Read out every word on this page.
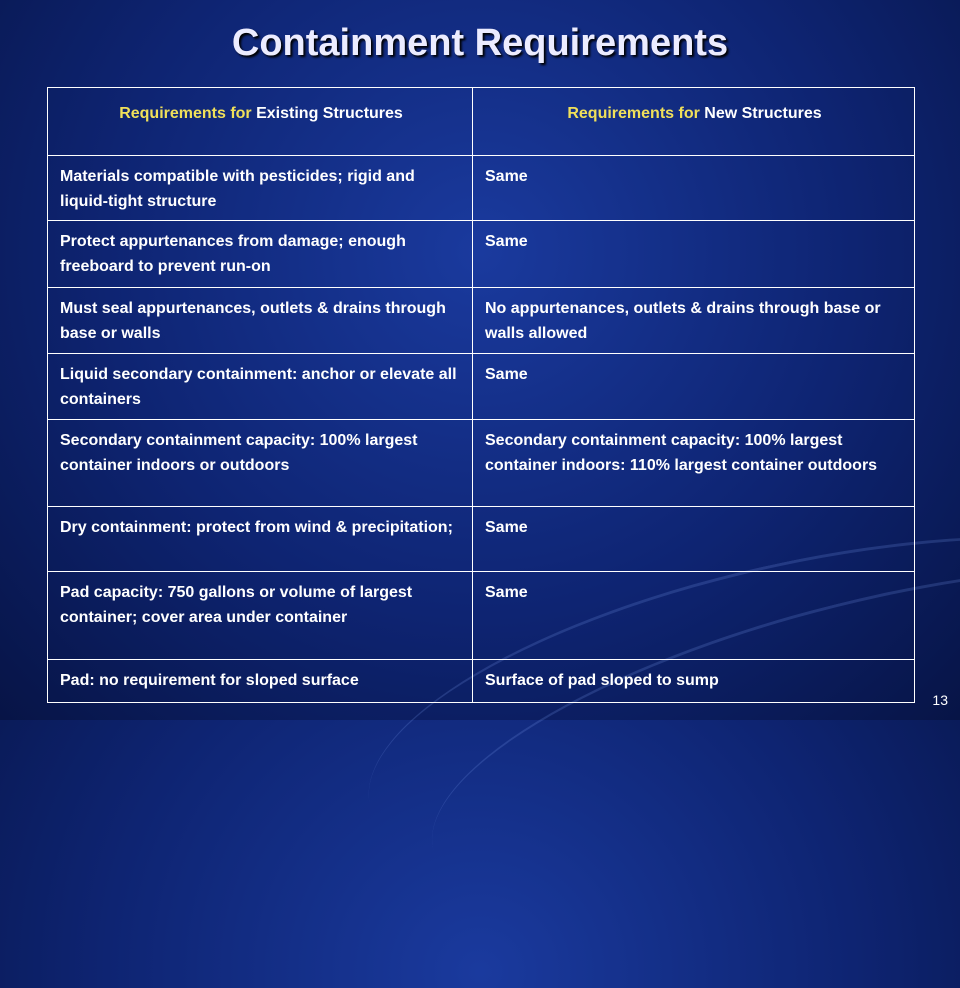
Containment Requirements
Requirements for Existing Structures	Requirements for New Structures
Materials compatible with pesticides; rigid and liquid-tight structure	Same
Protect appurtenances from damage; enough freeboard to prevent run-on	Same
Must seal appurtenances, outlets & drains through base or walls	No appurtenances, outlets & drains through base or walls allowed
Liquid secondary containment: anchor or elevate all containers	Same
Secondary containment capacity: 100% largest container indoors or outdoors	Secondary containment capacity: 100% largest container indoors: 110% largest container outdoors
Dry containment: protect from wind & precipitation;	Same
Pad capacity: 750 gallons or volume of largest container; cover area under container	Same
Pad: no requirement for sloped surface	Surface of pad sloped to sump
13
